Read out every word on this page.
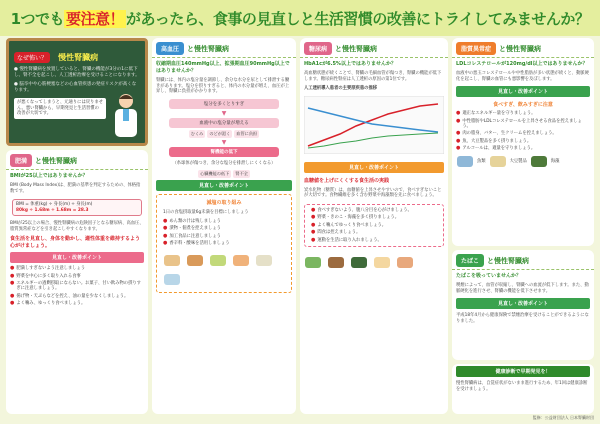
1つでも 要注意！ があったら、食事の見直しと生活習慣の改善にトライしてみませんか？
なぜ怖い？ 慢性腎臓病

● 慢性腎臓病を放置していると、腎臓の機能が3分の1に低下し、腎不全を起こし、人工透析治療を受けることになります。

● 脳卒中や心筋梗塞などの心血管疾患の発症リスクが高くなります。

が悪くなってしまうと、元通りには戻りません。悪い腎臓から、早期発見と生活習慣の改善が大切です。
肥満	と慢性腎臓病
BMIが25以上ではありませんか？
BMI (Body Mass Index)は、肥満の基準を判定するための、体格指数です。
BMI = 体重(kg) ÷ 身長(m) ÷ 身長(m)
80kg ÷ 1.68m ÷ 1.68m = 28.3
BMIが25以上の場合、慢性腎臓病の危険因子となる糖尿病、高血圧、脂質異常症などを引き起こしやすくなります。
食生活を見直し、身体を動かし、適性体重を維持するよう心がけましょう。
見直し・改善ポイント
● 肥満しすぎないよう注意しましょう
● 野菜を中心に多く取り入れる食事
● エネルギーの過剰摂取にならない。お菓子、甘い飲み物の摂りすぎに注意しましょう。
● 揚げ物・天ぷらなどを控え、油の量を少なくしましょう。
● よく噛み、ゆっくり食べましょう。
高血圧	と慢性腎臓病
収縮期血圧140mmHg以上、拡張期血圧90mmHg以上ではありませんか？
腎臓には、体内の塩分量を調節し、余分な水分を尿として排泄する働きがあります。塩分を摂りすぎると、体内の水分量が増え、血圧が上昇し、腎臓に負担がかかります。
塩分を多くとりすぎ
▼
血液中の塩分量が増える
むくみ	のどが渇く	血管に負担
▼
腎機能の低下
（糸球体が傷つき、余分な塩分を排泄しにくくなる）
心臓機能の低下	腎不全
見直し・改善ポイント
減塩の取り組み
1日の食塩摂取量6g未満を目標にしましょう
● めん類の汁は残しましょう
● 漬物・佃煮を控えましょう
● 加工食品に注意しましょう
● 香辛料・酸味を活用しましょう

糖尿病	と慢性腎臓病
HbA1cが6.5%以上ではありませんか？
高血糖状態が続くことで、腎臓の毛細血管が傷つき、腎臓の機能が低下します。糖尿病性腎症は人工透析の原因の第1位です。
人工透析導入患者の主要原疾患の推移
見直し・改善ポイント
血糖値を上げにくくする食生活の実践
炭水化物（糖質）は、血糖値を上昇させやすいので、食べすぎないことが大切です。食物繊維を多く含む野菜や海藻類を先に食べましょう。
● 食べすぎないよう、腹八分目を心がけましょう。
● 野菜・きのこ・海藻を多く摂りましょう。
● よく噛んでゆっくり食べましょう。
● 間食は控えましょう。
● 運動を生活に取り入れましょう。

脂質異常症	と慢性腎臓病
LDLコレステロールが120mg/dl以上ではありませんか？
血液中の悪玉コレステロールや中性脂肪が多い状態が続くと、動脈硬化を起こし、腎臓の血管にも悪影響を及ぼします。
見直し・改善ポイント
食べすぎ、飲みすぎに注意
● 適正なエネルギー量を守りましょう。
● 中性脂肪やLDLコレステロールを上昇させる食品を控えましょう。
● 肉の脂身、バター、生クリームを控えましょう。
● 魚、大豆製品を多く摂りましょう。
● アルコールは、適量を守りましょう。
魚類	大豆製品	海藻
たばこ	と慢性腎臓病
たばこを吸っていませんか？
喫煙によって、血管が収縮し、腎臓への血流が低下します。また、動脈硬化を進行させ、腎臓の機能を低下させます。
見直し・改善ポイント
平成18年4月から健康保険で禁煙治療を受けることができるようになりました。
健康診断で早期発見を！
慢性腎臓病は、自覚症状がないまま進行するため、年1回は健康診断を受けましょう。
監修：公益財団法人 日本腎臓財団
